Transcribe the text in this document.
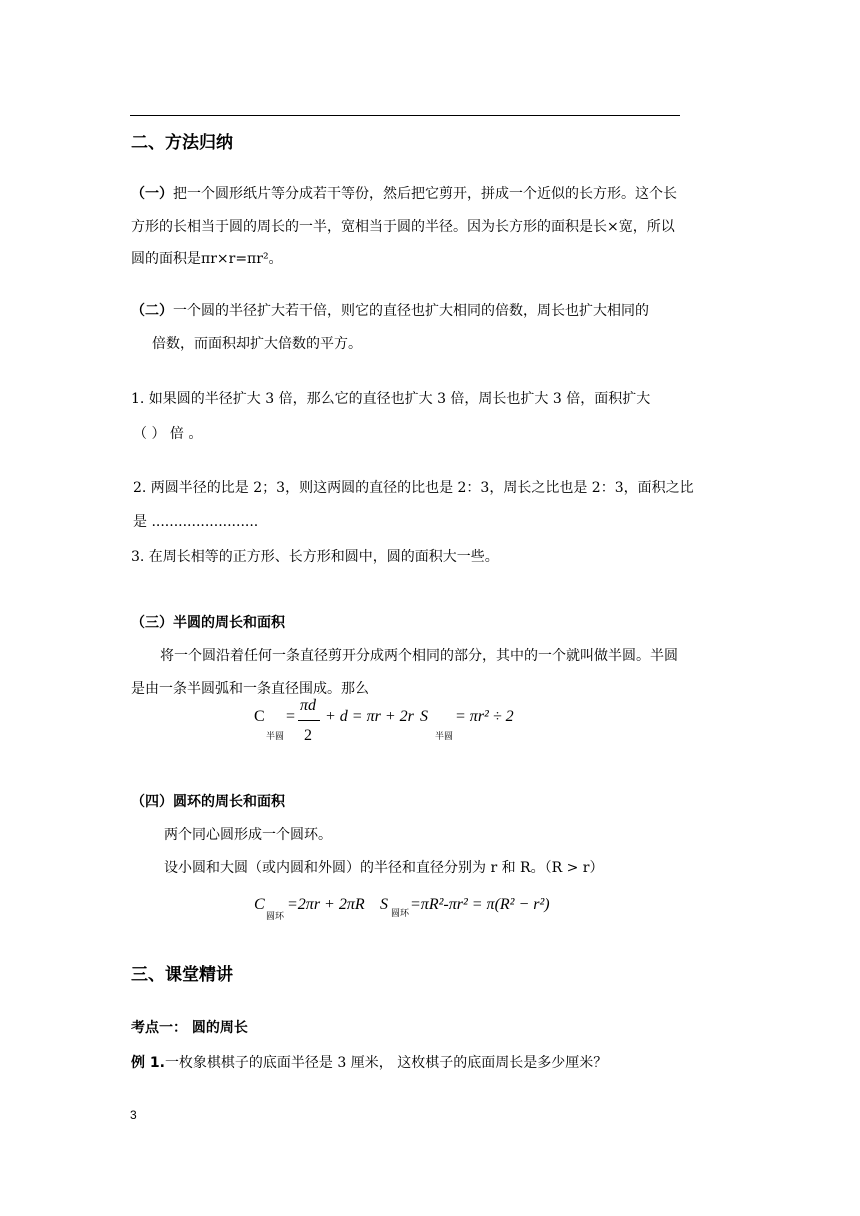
二、方法归纳
（一）把一个圆形纸片等分成若干等份，然后把它剪开，拼成一个近似的长方形。这个长
方形的长相当于圆的周长的一半，宽相当于圆的半径。因为长方形的面积是长×宽，所以
圆的面积是πr×r=πr²。
（二）一个圆的半径扩大若干倍，则它的直径也扩大相同的倍数，周长也扩大相同的
倍数，而面积却扩大倍数的平方。
1. 如果圆的半径扩大 3 倍，那么它的直径也扩大 3 倍，周长也扩大 3 倍，面积扩大
（ ） 倍 。
2. 两圆半径的比是 2；3，则这两圆的直径的比也是 2：3，周长之比也是 2：3，面积之比
是 ........................
3. 在周长相等的正方形、长方形和圆中，圆的面积大一些。
（三）半圆的周长和面积
将一个圆沿着任何一条直径剪开分成两个相同的部分，其中的一个就叫做半圆。半圆
是由一条半圆弧和一条直径围成。那么
C
半圆
=
πd
2
+ d = πr + 2r S
半圆
= πr² ÷ 2
（四）圆环的周长和面积
两个同心圆形成一个圆环。
设小圆和大圆（或内圆和外圆）的半径和直径分别为 r 和 R。（R > r）
C
圆环
=2πr + 2πR S
圆环
=πR²-πr² = π(R² − r²)
三、课堂精讲
考点一： 圆的周长
例 1.一枚象棋棋子的底面半径是 3 厘米， 这枚棋子的底面周长是多少厘米？
3
